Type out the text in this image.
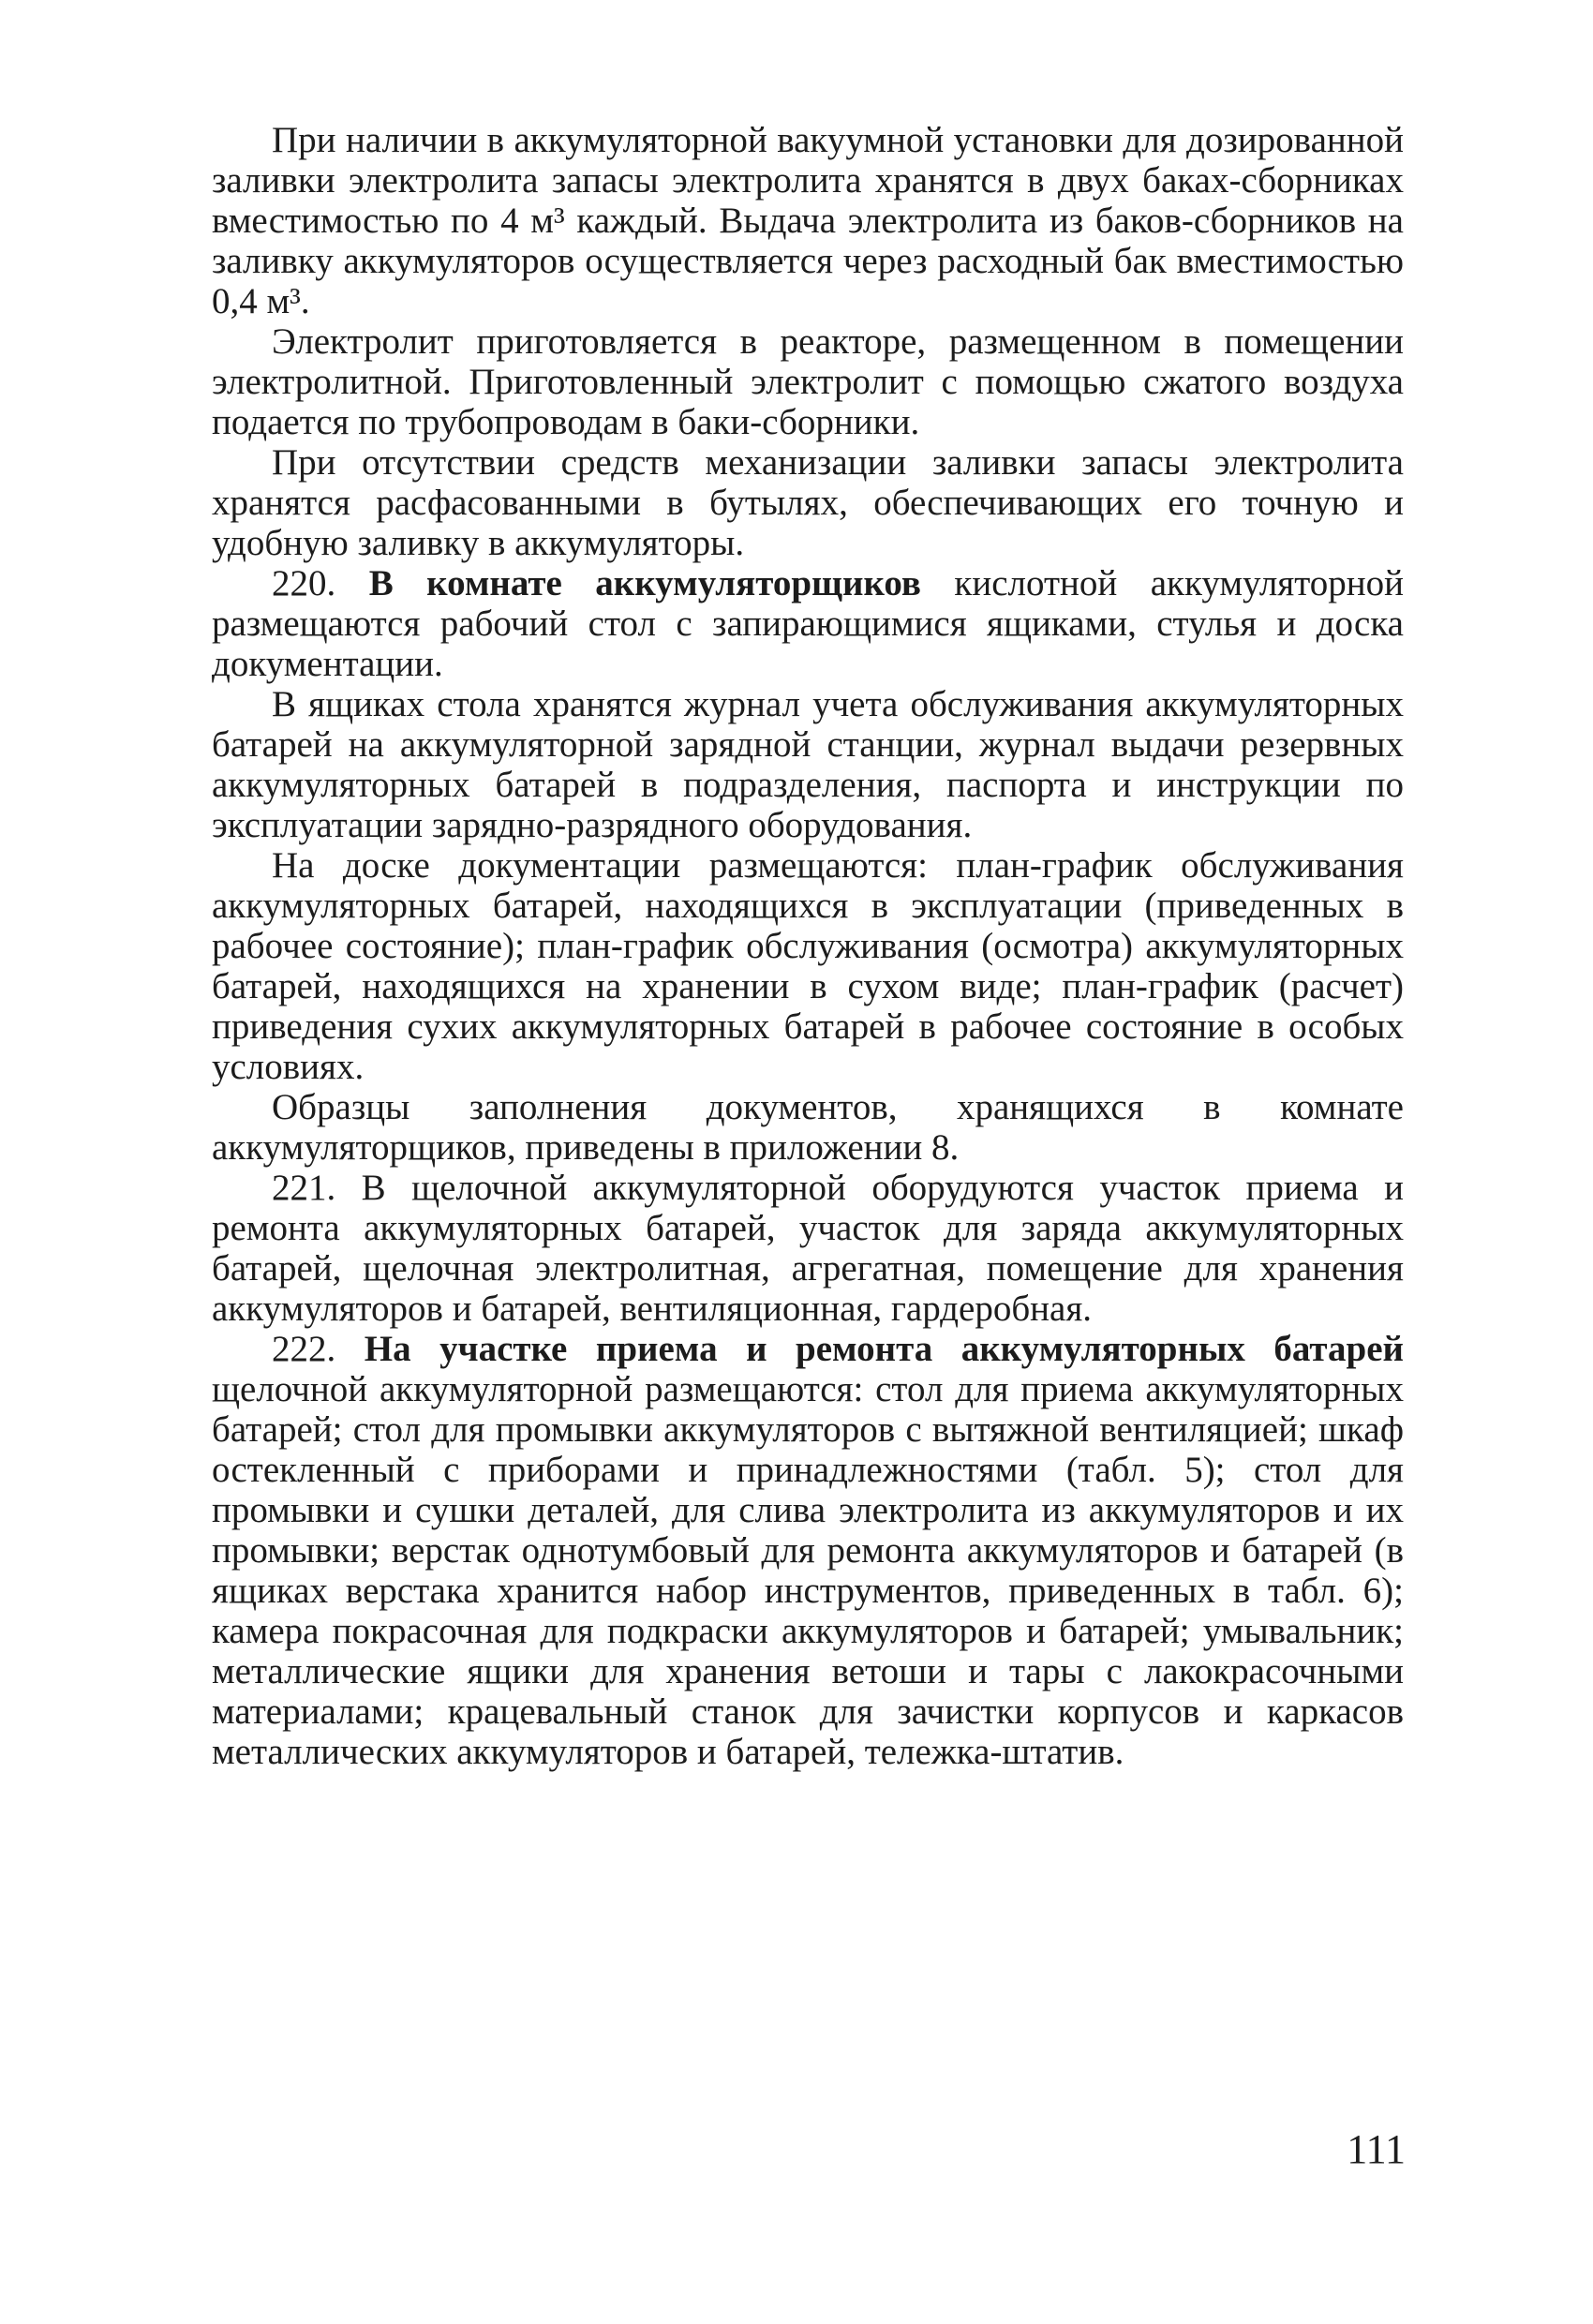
При наличии в аккумуляторной вакуумной установки для дозированной заливки электролита запасы электролита хранятся в двух баках-сборниках вместимостью по 4 м³ каждый. Выдача электролита из баков-сборников на заливку аккумуляторов осуществляется через расходный бак вместимостью 0,4 м³.

Электролит приготовляется в реакторе, размещенном в помещении электролитной. Приготовленный электролит с помощью сжатого воздуха подается по трубопроводам в баки-сборники.

При отсутствии средств механизации заливки запасы электролита хранятся расфасованными в бутылях, обеспечивающих его точную и удобную заливку в аккумуляторы.

220. В комнате аккумуляторщиков кислотной аккумуляторной размещаются рабочий стол с запирающимися ящиками, стулья и доска документации.

В ящиках стола хранятся журнал учета обслуживания аккумуляторных батарей на аккумуляторной зарядной станции, журнал выдачи резервных аккумуляторных батарей в подразделения, паспорта и инструкции по эксплуатации зарядно-разрядного оборудования.

На доске документации размещаются: план-график обслуживания аккумуляторных батарей, находящихся в эксплуатации (приведенных в рабочее состояние); план-график обслуживания (осмотра) аккумуляторных батарей, находящихся на хранении в сухом виде; план-график (расчет) приведения сухих аккумуляторных батарей в рабочее состояние в особых условиях.

Образцы заполнения документов, хранящихся в комнате аккумуляторщиков, приведены в приложении 8.

221. В щелочной аккумуляторной оборудуются участок приема и ремонта аккумуляторных батарей, участок для заряда аккумуляторных батарей, щелочная электролитная, агрегатная, помещение для хранения аккумуляторов и батарей, вентиляционная, гардеробная.

222. На участке приема и ремонта аккумуляторных батарей щелочной аккумуляторной размещаются: стол для приема аккумуляторных батарей; стол для промывки аккумуляторов с вытяжной вентиляцией; шкаф остекленный с приборами и принадлежностями (табл. 5); стол для промывки и сушки деталей, для слива электролита из аккумуляторов и их промывки; верстак однотумбовый для ремонта аккумуляторов и батарей (в ящиках верстака хранится набор инструментов, приведенных в табл. 6); камера покрасочная для подкраски аккумуляторов и батарей; умывальник; металлические ящики для хранения ветоши и тары с лакокрасочными материалами; крацевальный станок для зачистки корпусов и каркасов металлических аккумуляторов и батарей, тележка-штатив.

111
